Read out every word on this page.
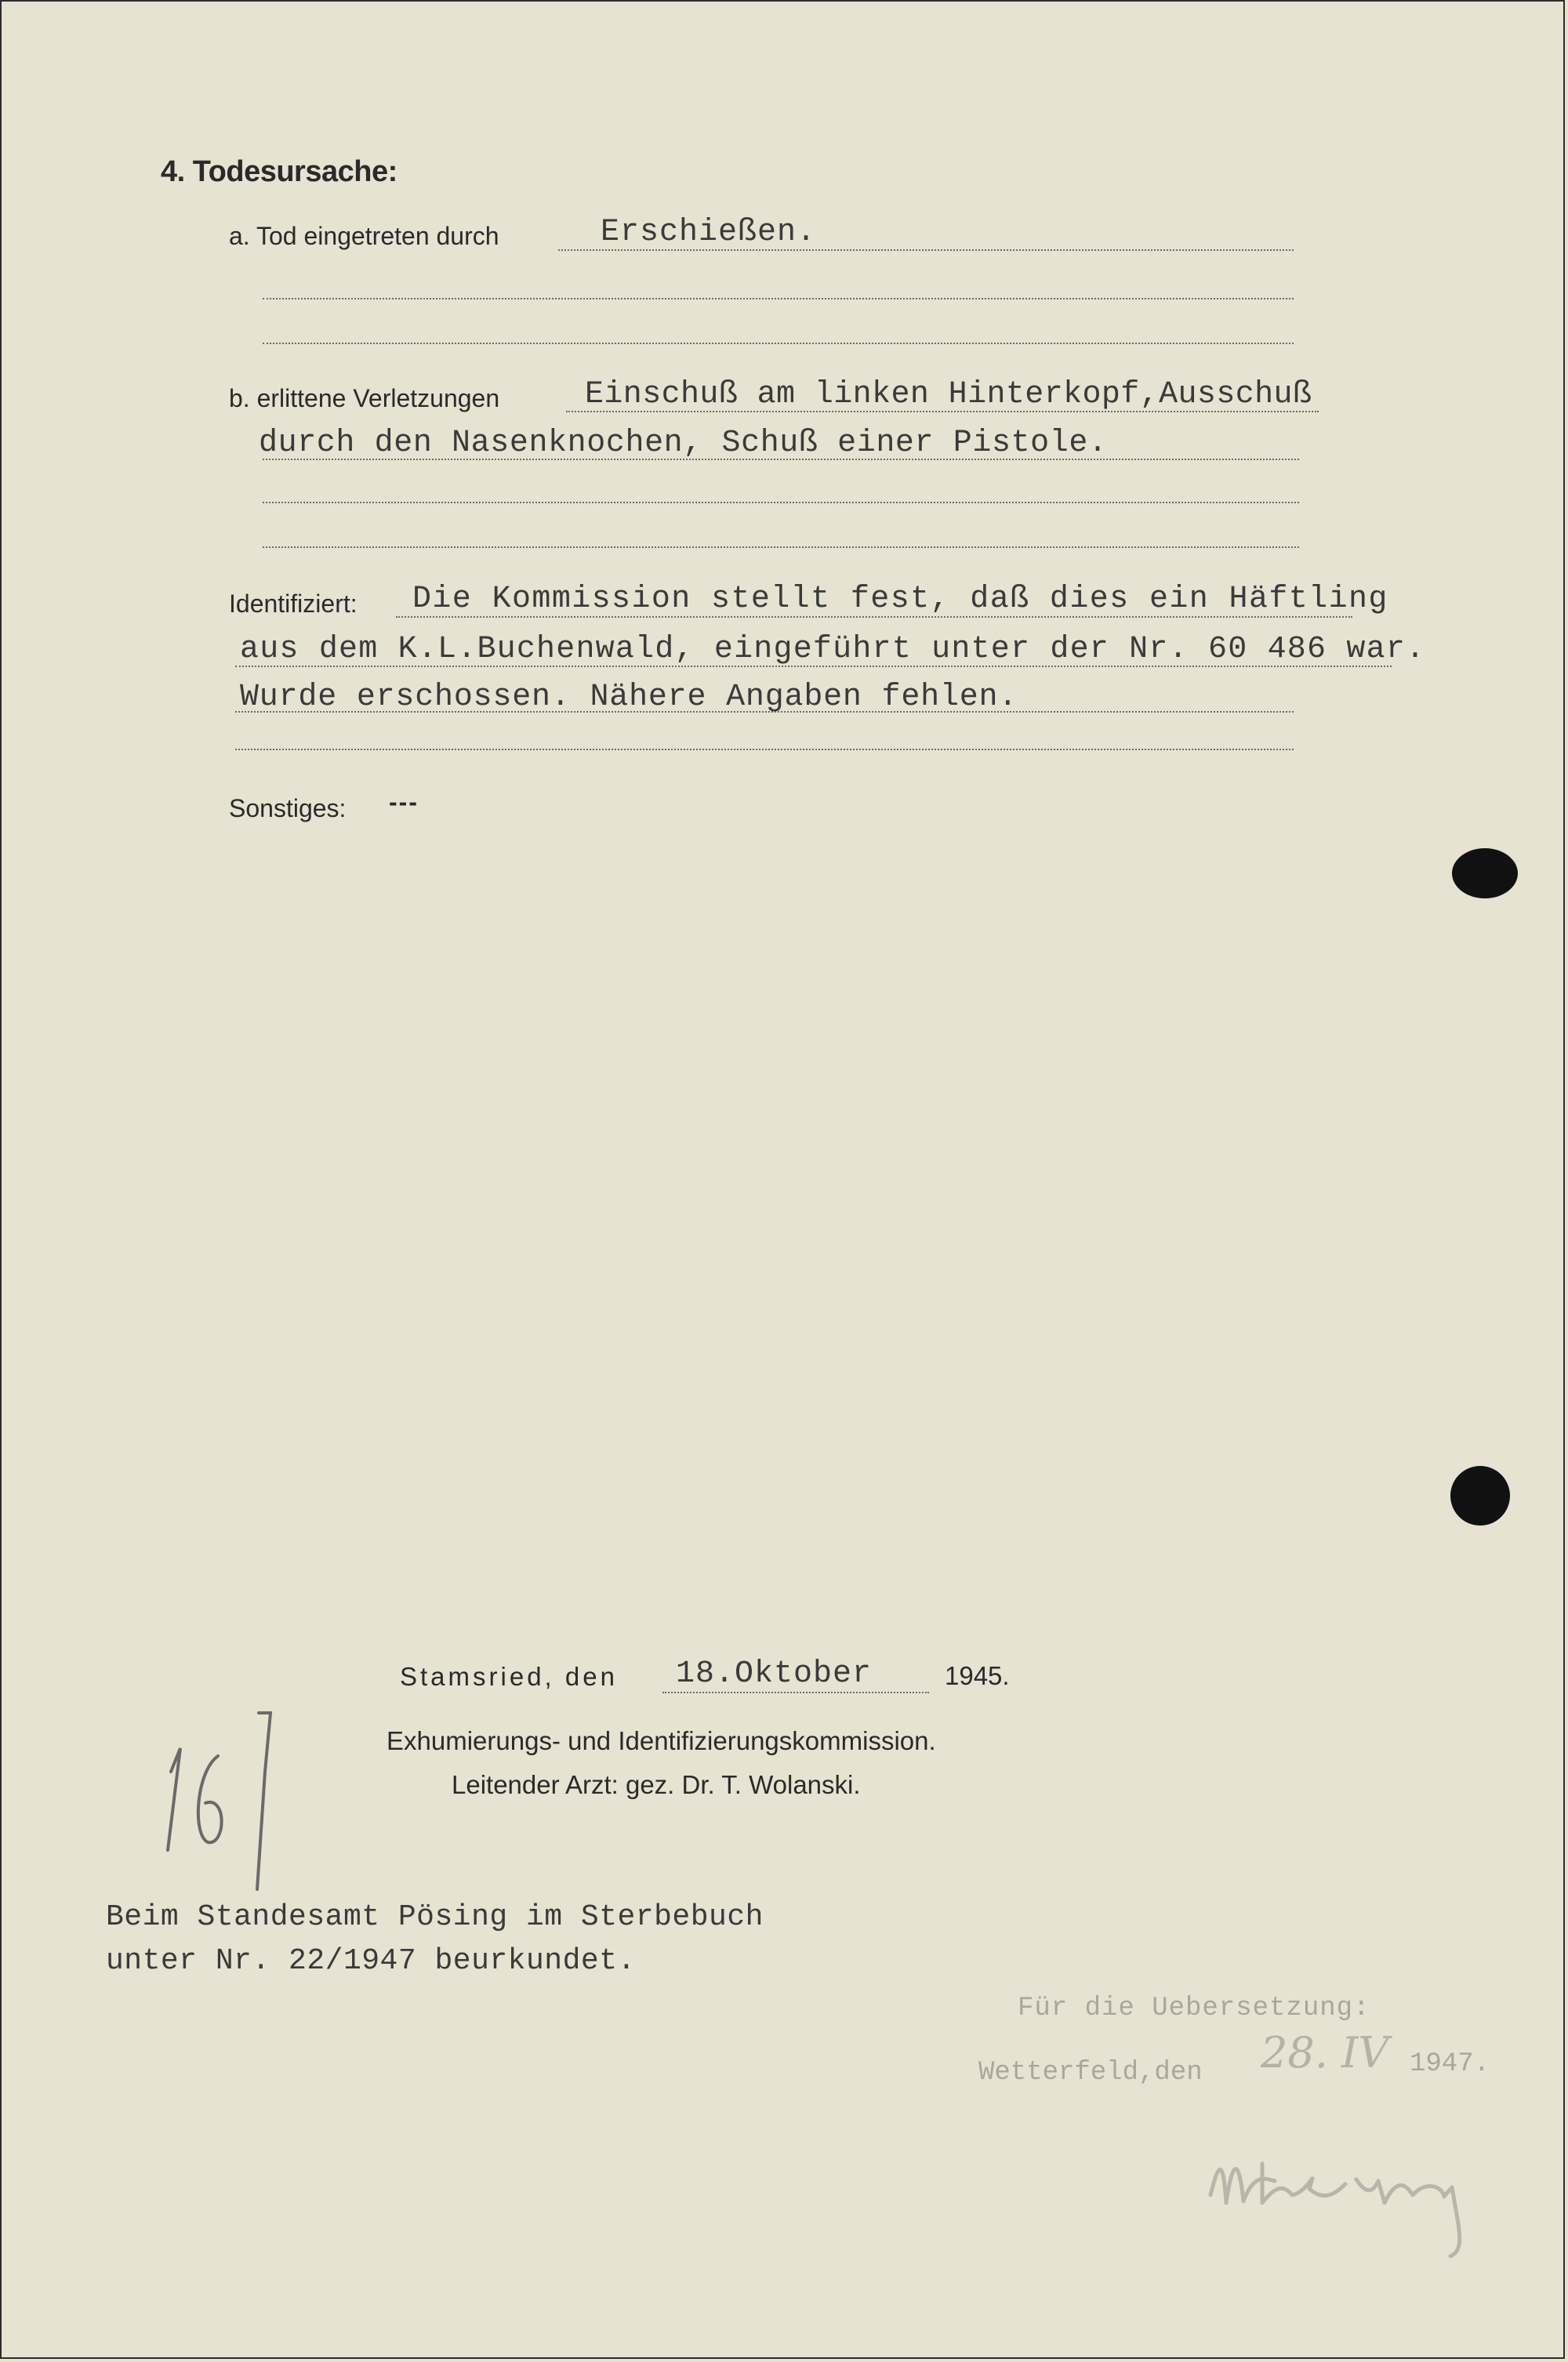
4. Todesursache:
a. Tod eingetreten durch	Erschießen.
b. erlittene Verletzungen	Einschuß am linken Hinterkopf,Ausschuß
durch den Nasenknochen, Schuß einer Pistole.
Identifiziert: Die Kommission stellt fest, daß dies ein Häftling
aus dem K.L.Buchenwald, eingeführt unter der Nr. 60 486 war.
Wurde erschossen. Nähere Angaben fehlen.
Sonstiges: ---
Stamsried, den 18.Oktober	1945.
Exhumierungs- und Identifizierungskommission.
Leitender Arzt: gez. Dr. T. Wolanski.
Beim Standesamt Pösing im Sterbebuch
unter Nr. 22/1947 beurkundet.
Für die Uebersetzung:
Wetterfeld,den 28. IV 1947.
